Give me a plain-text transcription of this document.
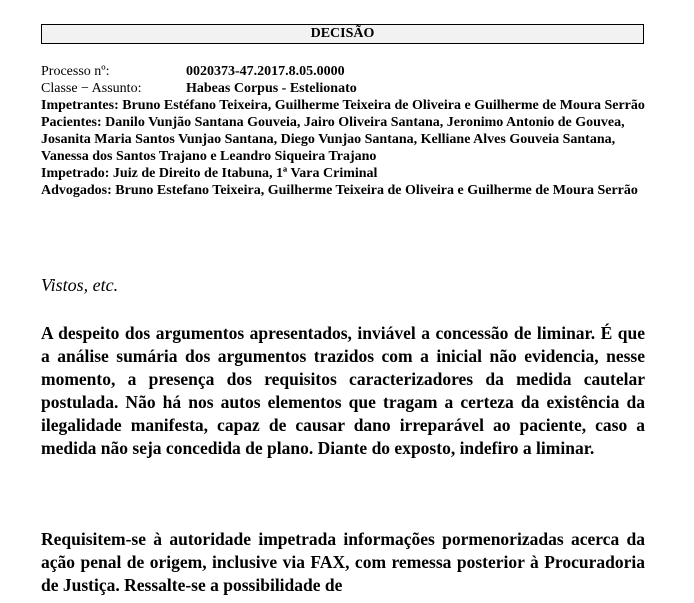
DECISÃO
Processo nº:	0020373-47.2017.8.05.0000
Classe − Assunto:	Habeas Corpus - Estelionato
Impetrantes: Bruno Estéfano Teixeira, Guilherme Teixeira de Oliveira e Guilherme de Moura Serrão
Pacientes: Danilo Vunjão Santana Gouveia, Jairo Oliveira Santana, Jeronimo Antonio de Gouvea, Josanita Maria Santos Vunjao Santana, Diego Vunjao Santana, Kelliane Alves Gouveia Santana, Vanessa dos Santos Trajano e Leandro Siqueira Trajano
Impetrado: Juiz de Direito de Itabuna, 1ª Vara Criminal
Advogados: Bruno Estefano Teixeira, Guilherme Teixeira de Oliveira e Guilherme de Moura Serrão
Vistos, etc.
A despeito dos argumentos apresentados, inviável a concessão de liminar. É que a análise sumária dos argumentos trazidos com a inicial não evidencia, nesse momento, a presença dos requisitos caracterizadores da medida cautelar postulada. Não há nos autos elementos que tragam a certeza da existência da ilegalidade manifesta, capaz de causar dano irreparável ao paciente, caso a medida não seja concedida de plano. Diante do exposto, indefiro a liminar.
Requisitem-se à autoridade impetrada informações pormenorizadas acerca da ação penal de origem, inclusive via FAX, com remessa posterior à Procuradoria de Justiça. Ressalte-se a possibilidade de
